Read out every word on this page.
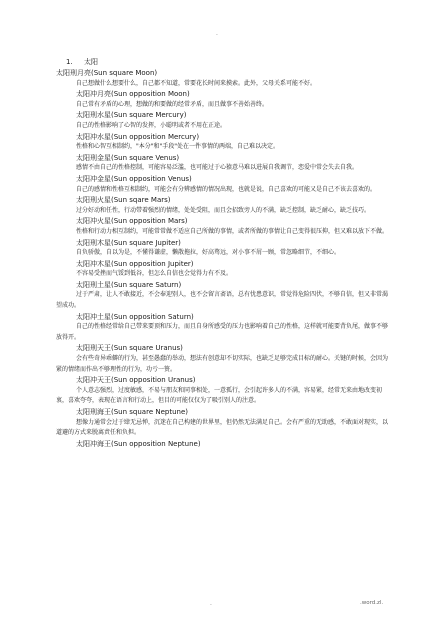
.
1. 太阳
太阳刑月亮(Sun square Moon)

自己想做什么想要什么，自己都不知道，常要花长时间来摸索。此外，父母关系可能不好。

太阳冲月亮(Sun opposition Moon)

自己常有矛盾的心理，想做的和要做的经常矛盾，而且做事不善始善终。

太阳刑水星(Sun square Mercury)

自己的性格影响了心智的发挥，小聪明或者不用在正途。

太阳冲水星(Sun opposition Mercury)

性格和心智互相制约，"本分"和"手段"处在一件事情的两端，自己难以决定。

太阳刑金星(Sun square Venus)

感情不由自己的性格控制，可能容易泛滥，也可能过于心猿意马难以进展自我调节，恋爱中常会失去自我。

太阳冲金星(Sun opposition Venus)

自己的感情和性格互相制约，可能会有分辨感情的情况出现，也就是说，自己喜欢的可能又是自己不该去喜欢的。

太阳刑火星(Sun sqare Mars)

过分好动和任性，行动带着强烈的情绪，处处受阻，而且会招致旁人的不满，缺乏控制，缺乏耐心，缺乏技巧。

太阳冲火星(Sun opposition Mars)

性格和行动力相互制约，可能常常做不适应自己所做的事情，或者所做的事情让自己变得很压抑，但又难以放下不做。

太阳刑木星(Sun square Jupiter)

自负骄傲，自以为是，不懂得谦虚，懒散拖拉，好高骛远，对小事不屑一顾，常忽略细节，不细心。

太阳冲木星(Sun opposition Jupiter)

不容易受挫而气馁到低谷，但怎么自信也会觉得力有不及。

太阳刑土星(Sun square Saturn)

过于严肃，让人不敢接近，不会奉迎别人，也不会留言斋语，总有忧患意识，常觉得危险四伏，不够自信，但又非常渴望成功。

太阳冲土星(Sun opposition Saturn)

自己的性格经常给自己带来要顶和压力，而且自身所感受的压力也影响着自己的性格，这样就可能要背负尾，做事不够放得开。

太阳刑天王(Sun square Uranus)

会有些奇异乖僻的行为，甚至愚蠢的举动，想法有创意却不切实际，也缺乏足够完成目标的耐心。关键的时候，会因为紧的情绪而作出不够理性的行为，功亏一篑。

太阳冲天王(Sun opposition Uranus)

个人意志强烈，过度敏感，不易与朋友和同事相处，一意孤行，会引起许多人的不满，容易紧，经常无来由地改变初衷，喜欢夸夸，表现在语言和行动上，但目的可能仅仅为了吸引别人的注意。

太阳刑海王(Sun square Neptune)

想像力通常会过于肆无忌惮，沉迷在自己构建的世界里，但仍然无法满足自己。会有严重的无助感，不敢面对现实，以道避的方式来脱离责任和负担。

太阳冲海王(Sun opposition Neptune)
.	.word.zl.
